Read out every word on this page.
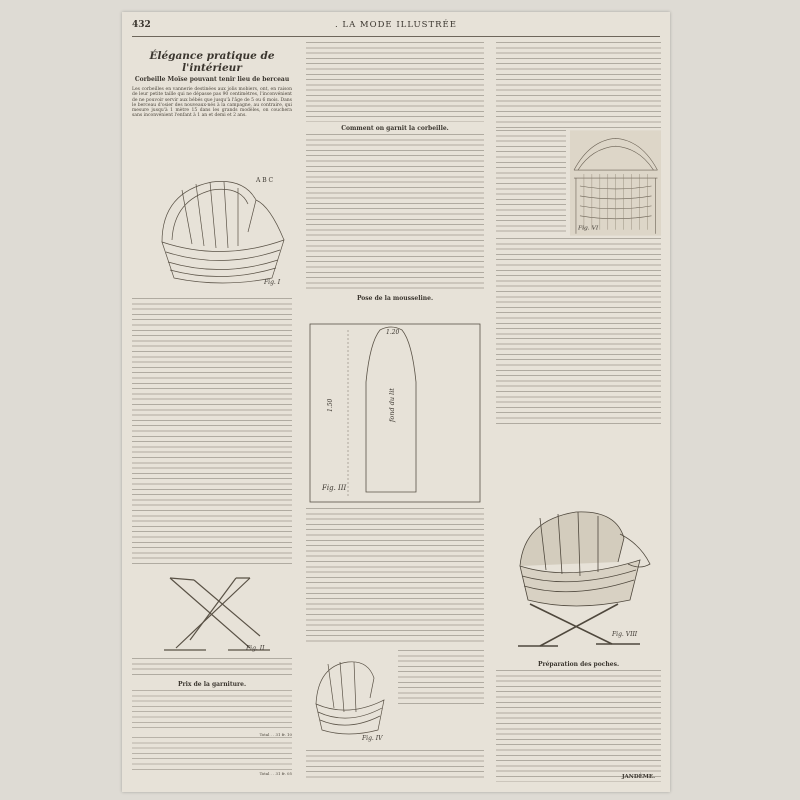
432	. LA MODE ILLUSTRÉE
Élégance pratique de l'intérieur
Corbeille Moïse pouvant tenir lieu de berceau
Les corbeilles en vannerie destinées aux jolis mobiers, ont, en raison de leur petite taille qui ne dépasse pas 90 centimètres, l'inconvénient de ne pouvoir servir aux bébés que jusqu'à l'âge de 5 ou 6 mois. Dans le berceau d'osier des nouveaux-nés à la campagne, au contraire, qui mesure jusqu'à 1 mètre 15 dans les grands modèles, on couchera sans inconvénient l'enfant à 1 an et demi et 2 ans.
A B C
Fig. I
Fig. II
Prix de la garniture.
Total . . 31 fr. 10
Total . . 31 fr. 05
Comment on garnit la corbeille.
Pose de la mousseline.
1.20
1.50	fond du lit
Fig. III
Fig. IV
Fig. VI
Fig. VIII
Préparation des poches.
JANDÈME.
